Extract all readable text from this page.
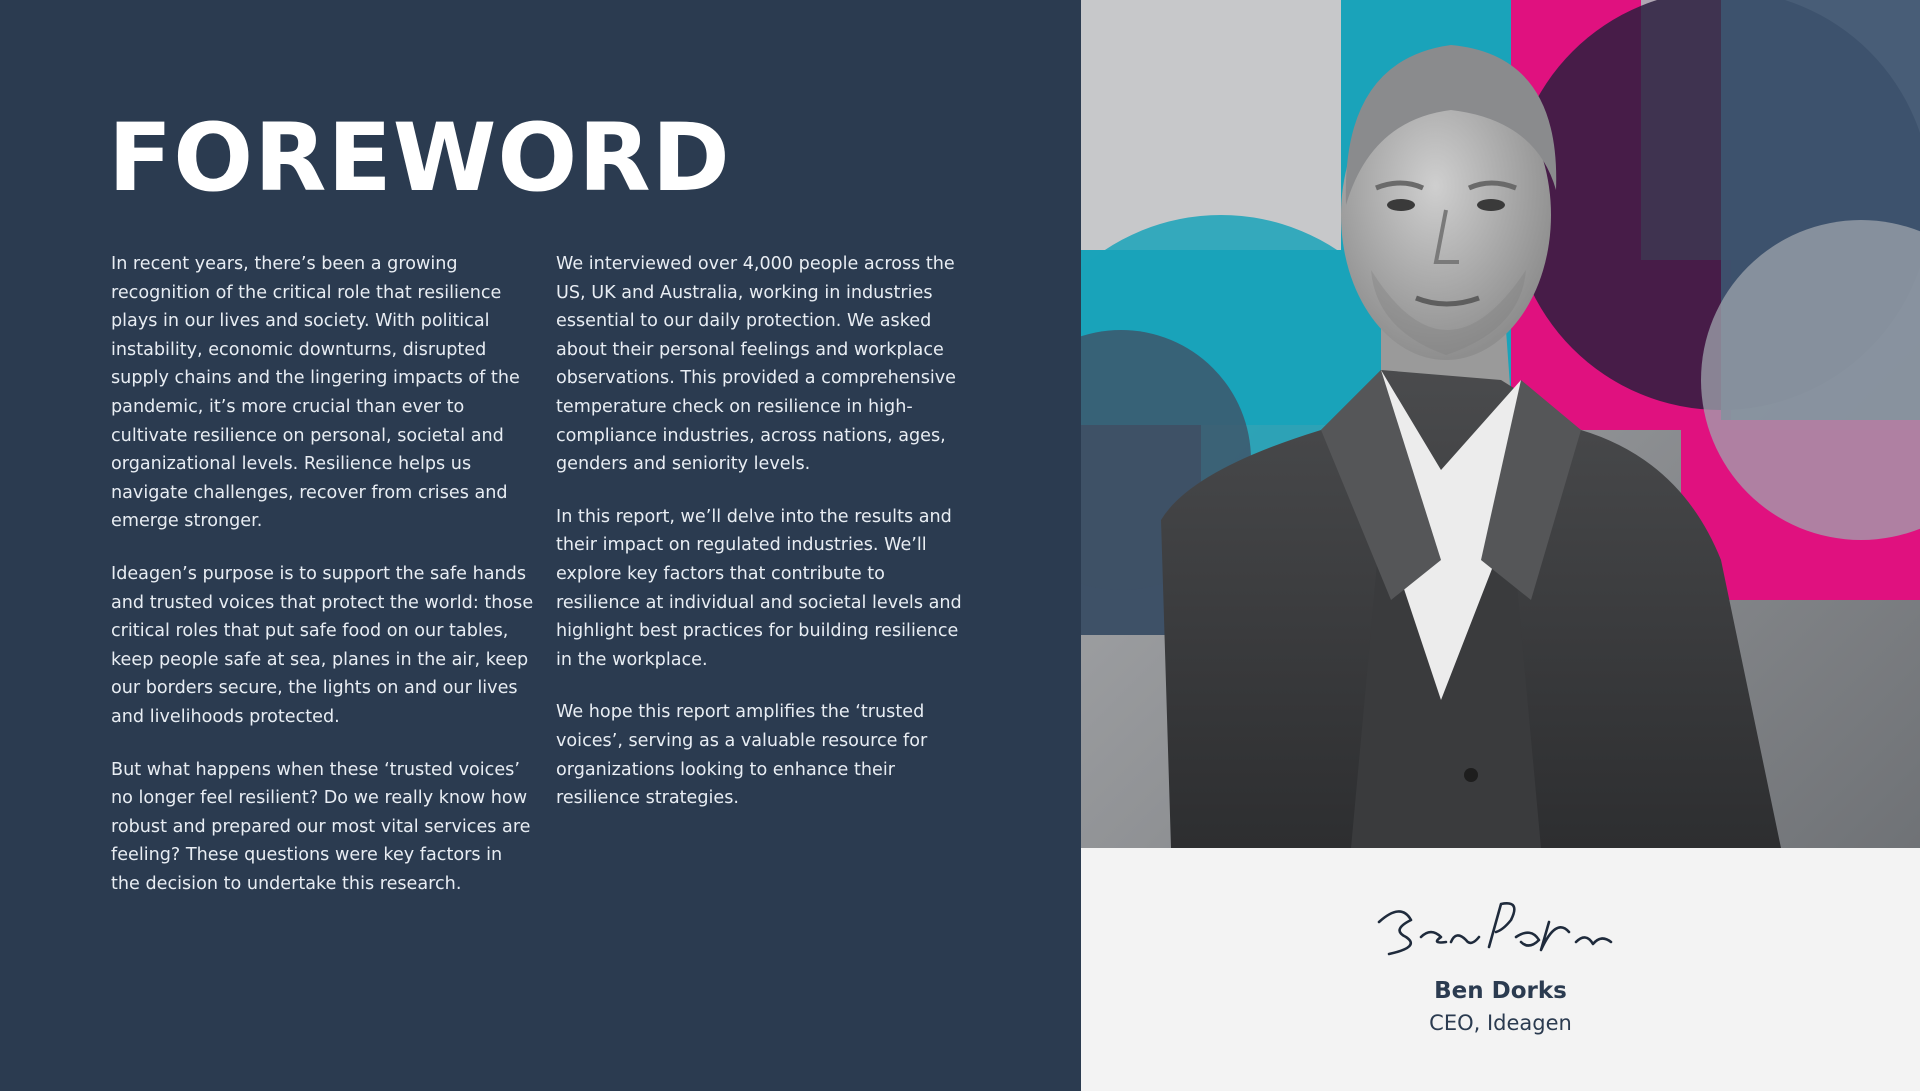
FOREWORD

In recent years, there’s been a growing recognition of the critical role that resilience plays in our lives and society. With political instability, economic downturns, disrupted supply chains and the lingering impacts of the pandemic, it’s more crucial than ever to cultivate resilience on personal, societal and organizational levels. Resilience helps us navigate challenges, recover from crises and emerge stronger.

Ideagen’s purpose is to support the safe hands and trusted voices that protect the world: those critical roles that put safe food on our tables, keep people safe at sea, planes in the air, keep our borders secure, the lights on and our lives and livelihoods protected.

But what happens when these ‘trusted voices’ no longer feel resilient? Do we really know how robust and prepared our most vital services are feeling? These questions were key factors in the decision to undertake this research.

We interviewed over 4,000 people across the US, UK and Australia, working in industries essential to our daily protection. We asked about their personal feelings and workplace observations. This provided a comprehensive temperature check on resilience in high-compliance industries, across nations, ages, genders and seniority levels.

In this report, we’ll delve into the results and their impact on regulated industries. We’ll explore key factors that contribute to resilience at individual and societal levels and highlight best practices for building resilience in the workplace.

We hope this report amplifies the ‘trusted voices’, serving as a valuable resource for organizations looking to enhance their resilience strategies.

Ben Dorks
CEO, Ideagen
